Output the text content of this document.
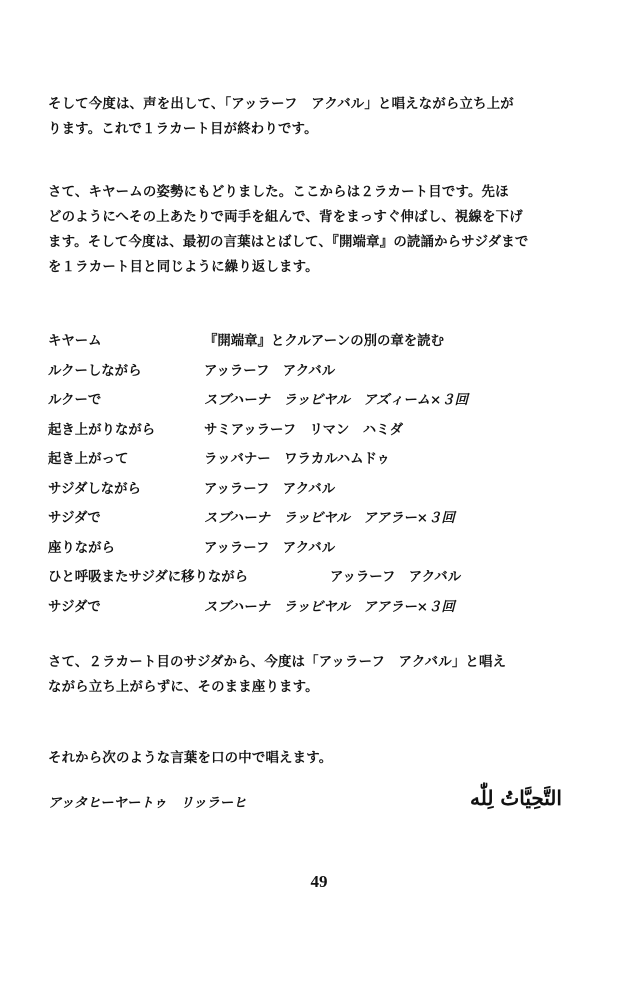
そして今度は、声を出して、「アッラーフ　アクバル」と唱えながら立ち上が
ります。これで１ラカート目が終わりです。
さて、キヤームの姿勢にもどりました。ここからは２ラカート目です。先ほ
どのようにへその上あたりで両手を組んで、背をまっすぐ伸ばし、視線を下げ
ます。そして今度は、最初の言葉はとばして、『開端章』の読誦からサジダまで
を１ラカート目と同じように繰り返します。
キヤーム	『開端章』とクルアーンの別の章を読む
ルクーしながら	アッラーフ　アクバル
ルクーで	スブハーナ　ラッビヤル　アズィーム×３回
起き上がりながら	サミアッラーフ　リマン　ハミダ
起き上がって	ラッバナー　ワラカルハムドゥ
サジダしながら	アッラーフ　アクバル
サジダで	スブハーナ　ラッビヤル　アアラー×３回
座りながら	アッラーフ　アクバル
ひと呼吸またサジダに移りながら	アッラーフ　アクバル
サジダで	スブハーナ　ラッビヤル　アアラー×３回
さて、２ラカート目のサジダから、今度は「アッラーフ　アクバル」と唱え
ながら立ち上がらずに、そのまま座ります。
それから次のような言葉を口の中で唱えます。
アッタヒーヤートゥ　リッラーヒ	التَّحِيَّاتُ لِلّٰه
49
